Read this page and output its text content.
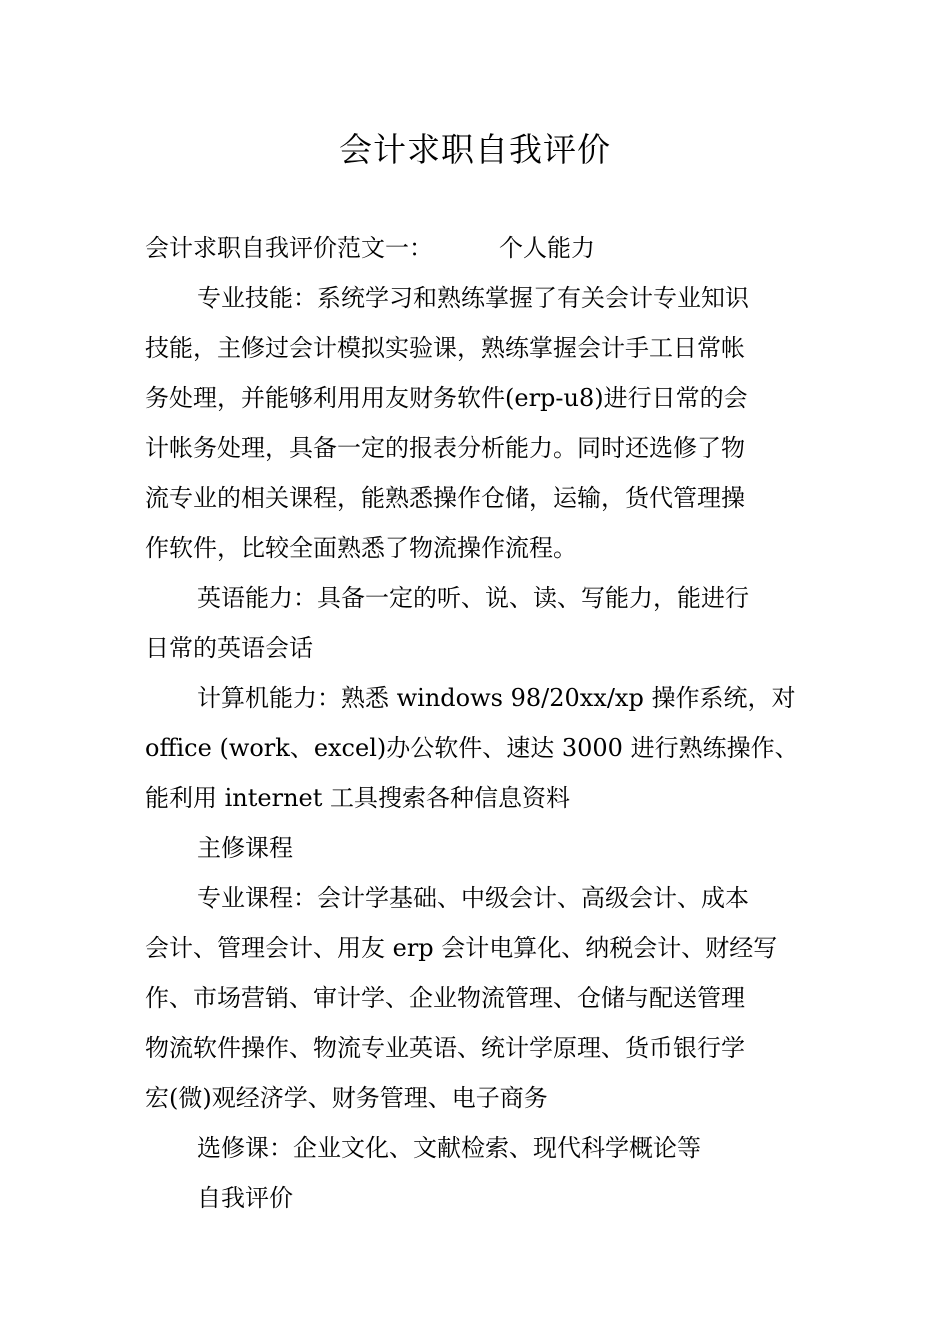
会计求职自我评价

会计求职自我评价范文一：	个人能力

专业技能：系统学习和熟练掌握了有关会计专业知识

技能，主修过会计模拟实验课，熟练掌握会计手工日常帐

务处理，并能够利用用友财务软件(erp-u8)进行日常的会

计帐务处理，具备一定的报表分析能力。同时还选修了物

流专业的相关课程，能熟悉操作仓储，运输，货代管理操

作软件，比较全面熟悉了物流操作流程。

英语能力：具备一定的听、说、读、写能力，能进行

日常的英语会话

计算机能力：熟悉 windows 98/20xx/xp 操作系统，对

office (work、excel)办公软件、速达 3000 进行熟练操作、

能利用 internet 工具搜索各种信息资料

主修课程

专业课程：会计学基础、中级会计、高级会计、成本

会计、管理会计、用友 erp 会计电算化、纳税会计、财经写

作、市场营销、审计学、企业物流管理、仓储与配送管理

物流软件操作、物流专业英语、统计学原理、货币银行学

宏(微)观经济学、财务管理、电子商务

选修课：企业文化、文献检索、现代科学概论等

自我评价
